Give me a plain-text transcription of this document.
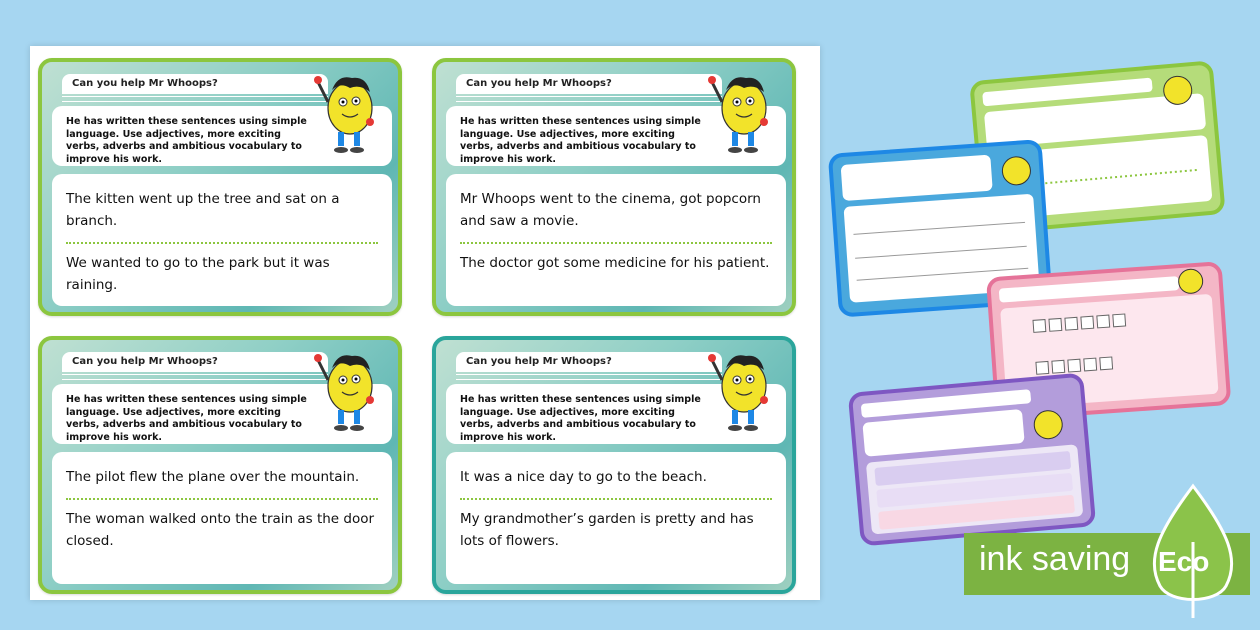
Can you help Mr Whoops?
He has written these sentences using simple language. Use adjectives, more exciting verbs, adverbs and ambitious vocabulary to improve his work.
The kitten went up the tree and sat on a branch.
We wanted to go to the park but it was raining.
Can you help Mr Whoops?
He has written these sentences using simple language. Use adjectives, more exciting verbs, adverbs and ambitious vocabulary to improve his work.
Mr Whoops went to the cinema, got popcorn and saw a movie.
The doctor got some medicine for his patient.
Can you help Mr Whoops?
He has written these sentences using simple language. Use adjectives, more exciting verbs, adverbs and ambitious vocabulary to improve his work.
The pilot flew the plane over the mountain.
The woman walked onto the train as the door closed.
Can you help Mr Whoops?
He has written these sentences using simple language. Use adjectives, more exciting verbs, adverbs and ambitious vocabulary to improve his work.
It was a nice day to go to the beach.
My grandmother’s garden is pretty and has lots of flowers.	ink saving Eco
